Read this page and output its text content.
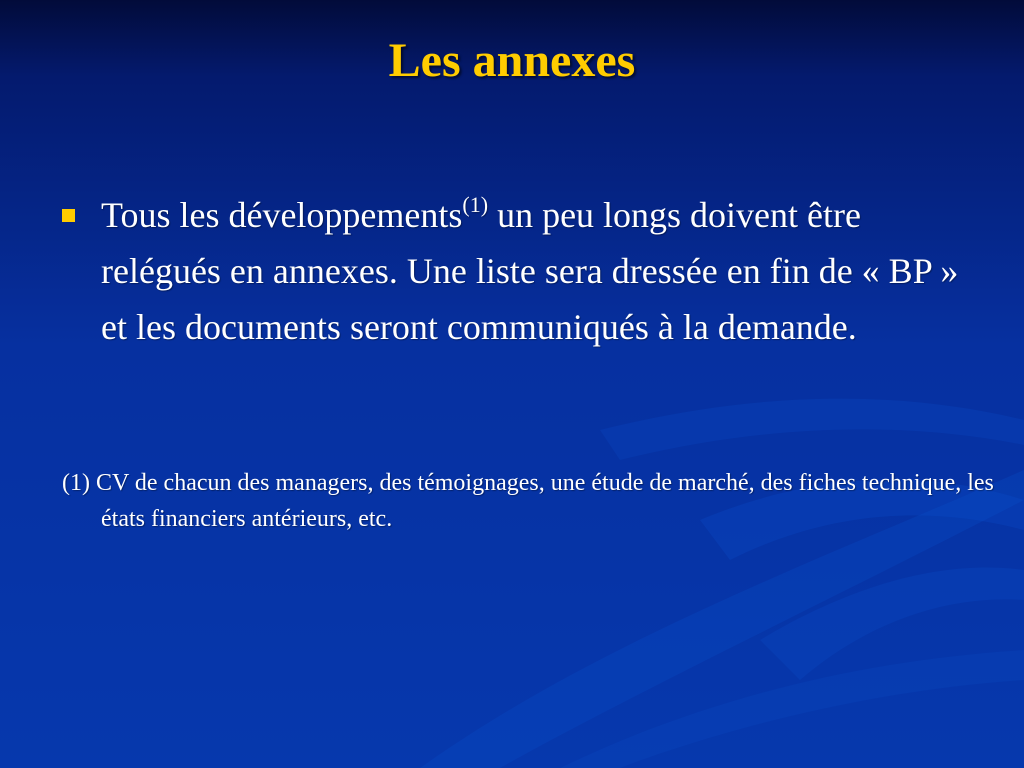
Les annexes
Tous les développements$^{(1)}$ un peu longs doivent être relégués en annexes. Une liste sera dressée en fin de « BP » et les documents seront communiqués à la demande.
(1) CV de chacun des managers, des témoignages, une étude de marché, des fiches technique, les états financiers antérieurs, etc.
